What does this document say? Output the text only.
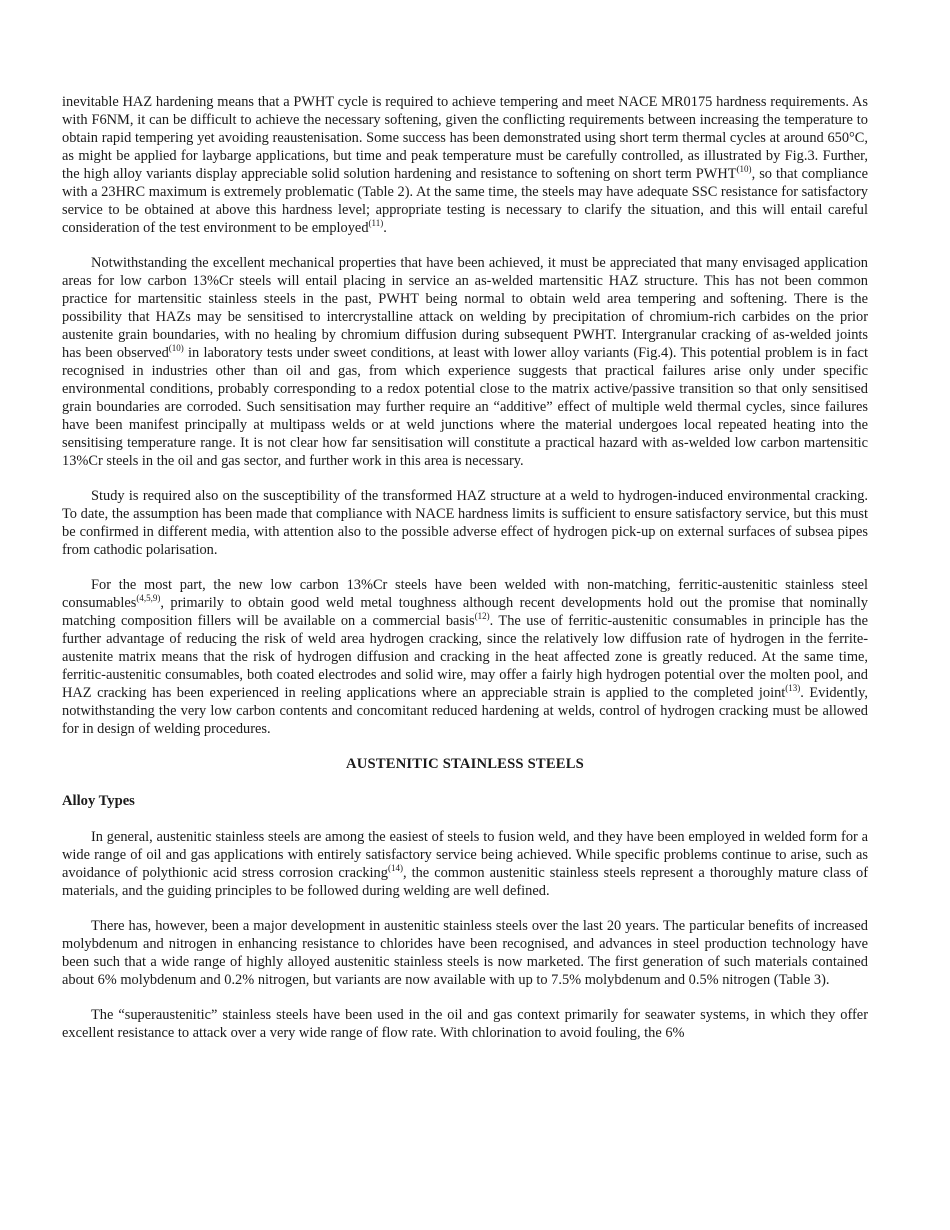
inevitable HAZ hardening means that a PWHT cycle is required to achieve tempering and meet NACE MR0175 hardness requirements. As with F6NM, it can be difficult to achieve the necessary softening, given the conflicting requirements between increasing the temperature to obtain rapid tempering yet avoiding reaustenisation. Some success has been demonstrated using short term thermal cycles at around 650°C, as might be applied for laybarge applications, but time and peak temperature must be carefully controlled, as illustrated by Fig.3. Further, the high alloy variants display appreciable solid solution hardening and resistance to softening on short term PWHT$^{(10)}$, so that compliance with a 23HRC maximum is extremely problematic (Table 2). At the same time, the steels may have adequate SSC resistance for satisfactory service to be obtained at above this hardness level; appropriate testing is necessary to clarify the situation, and this will entail careful consideration of the test environment to be employed$^{(11)}$.

Notwithstanding the excellent mechanical properties that have been achieved, it must be appreciated that many envisaged application areas for low carbon 13%Cr steels will entail placing in service an as-welded martensitic HAZ structure. This has not been common practice for martensitic stainless steels in the past, PWHT being normal to obtain weld area tempering and softening. There is the possibility that HAZs may be sensitised to intercrystalline attack on welding by precipitation of chromium-rich carbides on the prior austenite grain boundaries, with no healing by chromium diffusion during subsequent PWHT. Intergranular cracking of as-welded joints has been observed$^{(10)}$ in laboratory tests under sweet conditions, at least with lower alloy variants (Fig.4). This potential problem is in fact recognised in industries other than oil and gas, from which experience suggests that practical failures arise only under specific environmental conditions, probably corresponding to a redox potential close to the matrix active/passive transition so that only sensitised grain boundaries are corroded. Such sensitisation may further require an “additive” effect of multiple weld thermal cycles, since failures have been manifest principally at multipass welds or at weld junctions where the material undergoes local repeated heating into the sensitising temperature range. It is not clear how far sensitisation will constitute a practical hazard with as-welded low carbon martensitic 13%Cr steels in the oil and gas sector, and further work in this area is necessary.

Study is required also on the susceptibility of the transformed HAZ structure at a weld to hydrogen-induced environmental cracking. To date, the assumption has been made that compliance with NACE hardness limits is sufficient to ensure satisfactory service, but this must be confirmed in different media, with attention also to the possible adverse effect of hydrogen pick-up on external surfaces of subsea pipes from cathodic polarisation.

For the most part, the new low carbon 13%Cr steels have been welded with non-matching, ferritic-austenitic stainless steel consumables$^{(4,5,9)}$, primarily to obtain good weld metal toughness although recent developments hold out the promise that nominally matching composition fillers will be available on a commercial basis$^{(12)}$. The use of ferritic-austenitic consumables in principle has the further advantage of reducing the risk of weld area hydrogen cracking, since the relatively low diffusion rate of hydrogen in the ferrite-austenite matrix means that the risk of hydrogen diffusion and cracking in the heat affected zone is greatly reduced. At the same time, ferritic-austenitic consumables, both coated electrodes and solid wire, may offer a fairly high hydrogen potential over the molten pool, and HAZ cracking has been experienced in reeling applications where an appreciable strain is applied to the completed joint$^{(13)}$. Evidently, notwithstanding the very low carbon contents and concomitant reduced hardening at welds, control of hydrogen cracking must be allowed for in design of welding procedures.

AUSTENITIC STAINLESS STEELS
Alloy Types

In general, austenitic stainless steels are among the easiest of steels to fusion weld, and they have been employed in welded form for a wide range of oil and gas applications with entirely satisfactory service being achieved. While specific problems continue to arise, such as avoidance of polythionic acid stress corrosion cracking$^{(14)}$, the common austenitic stainless steels represent a thoroughly mature class of materials, and the guiding principles to be followed during welding are well defined.

There has, however, been a major development in austenitic stainless steels over the last 20 years. The particular benefits of increased molybdenum and nitrogen in enhancing resistance to chlorides have been recognised, and advances in steel production technology have been such that a wide range of highly alloyed austenitic stainless steels is now marketed. The first generation of such materials contained about 6% molybdenum and 0.2% nitrogen, but variants are now available with up to 7.5% molybdenum and 0.5% nitrogen (Table 3).

The “superaustenitic” stainless steels have been used in the oil and gas context primarily for seawater systems, in which they offer excellent resistance to attack over a very wide range of flow rate. With chlorination to avoid fouling, the 6%
